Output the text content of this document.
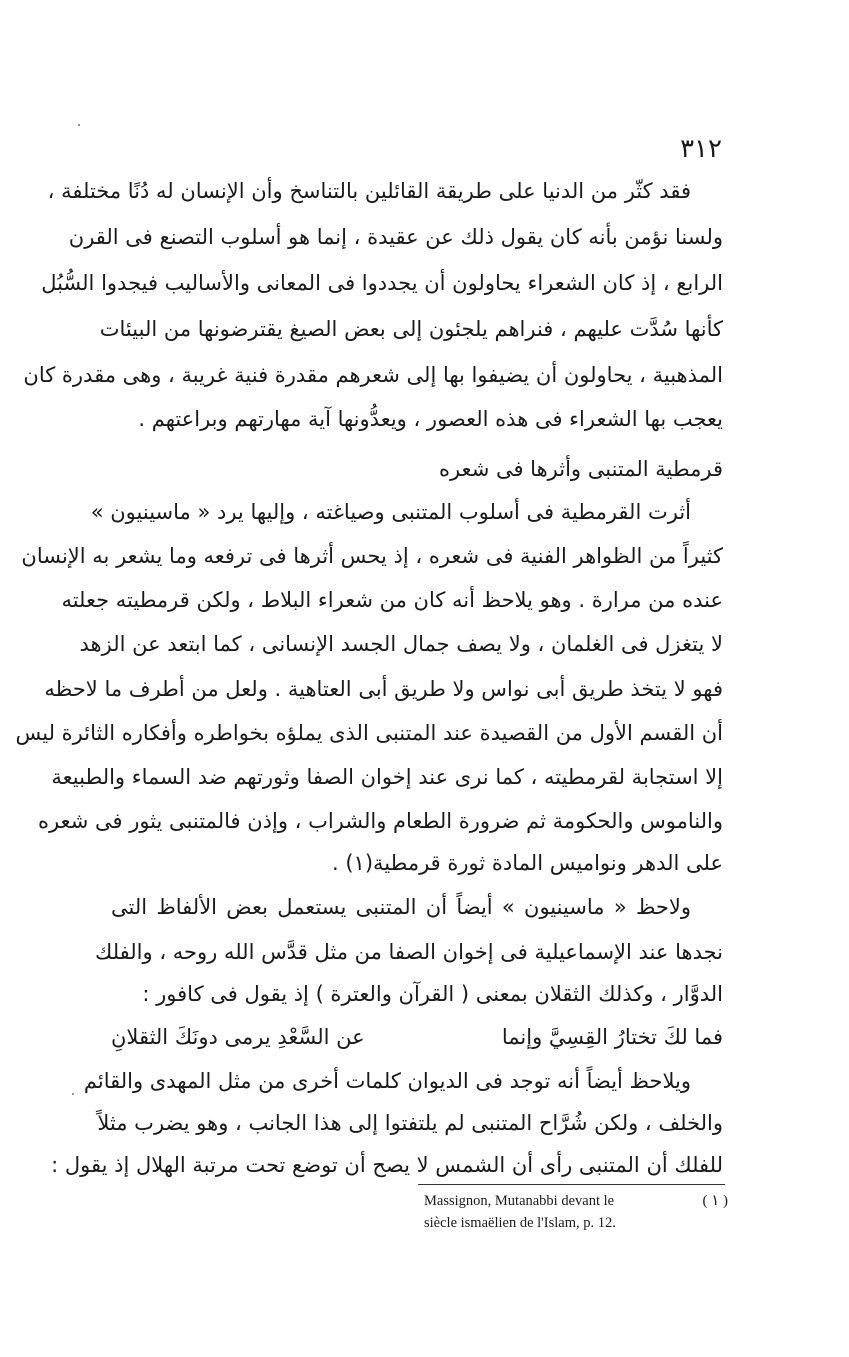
٣١٢
فقد كثّر من الدنيا على طريقة القائلين بالتناسخ وأن الإنسان له دُنًا مختلفة ،
ولسنا نؤمن بأنه كان يقول ذلك عن عقيدة ، إنما هو أسلوب التصنع فى القرن
الرابع ، إذ كان الشعراء يحاولون أن يجددوا فى المعانى والأساليب فيجدوا السُّبُل
كأنها سُدَّت عليهم ، فنراهم يلجئون إلى بعض الصيغ يقترضونها من البيئات
المذهبية ، يحاولون أن يضيفوا بها إلى شعرهم مقدرة فنية غريبة ، وهى مقدرة كان
يعجب بها الشعراء فى هذه العصور ، ويعدُّونها آية مهارتهم وبراعتهم .
قرمطية المتنبى وأثرها فى شعره
أثرت القرمطية فى أسلوب المتنبى وصياغته ، وإليها يرد « ماسينيون »
كثيراً من الظواهر الفنية فى شعره ، إذ يحس أثرها فى ترفعه وما يشعر به الإنسان
عنده من مرارة . وهو يلاحظ أنه كان من شعراء البلاط ، ولكن قرمطيته جعلته
لا يتغزل فى الغلمان ، ولا يصف جمال الجسد الإنسانى ، كما ابتعد عن الزهد
فهو لا يتخذ طريق أبى نواس ولا طريق أبى العتاهية . ولعل من أطرف ما لاحظه
أن القسم الأول من القصيدة عند المتنبى الذى يملؤه بخواطره وأفكاره الثائرة ليس
إلا استجابة لقرمطيته ، كما نرى عند إخوان الصفا وثورتهم ضد السماء والطبيعة
والناموس والحكومة ثم ضرورة الطعام والشراب ، وإذن فالمتنبى يثور فى شعره
على الدهر ونواميس المادة ثورة قرمطية(١) .
ولاحظ « ماسينيون » أيضاً أن المتنبى يستعمل بعض الألفاظ التى
نجدها عند الإسماعيلية فى إخوان الصفا من مثل قدَّس الله روحه ، والفلك
الدوَّار ، وكذلك الثقلان بمعنى ( القرآن والعترة ) إذ يقول فى كافور :
فما لكَ تختارُ القِسِيَّ وإنما
عن السَّعْدِ يرمى دونَكَ الثقلانِ
ويلاحظ أيضاً أنه توجد فى الديوان كلمات أخرى من مثل المهدى والقائم
والخلف ، ولكن شُرَّاح المتنبى لم يلتفتوا إلى هذا الجانب ، وهو يضرب مثلاً
للفلك أن المتنبى رأى أن الشمس لا يصح أن توضع تحت مرتبة الهلال إذ يقول :
( ١ )
Massignon, Mutanabbi devant le
siècle ismaëlien de l'Islam, p. 12.
